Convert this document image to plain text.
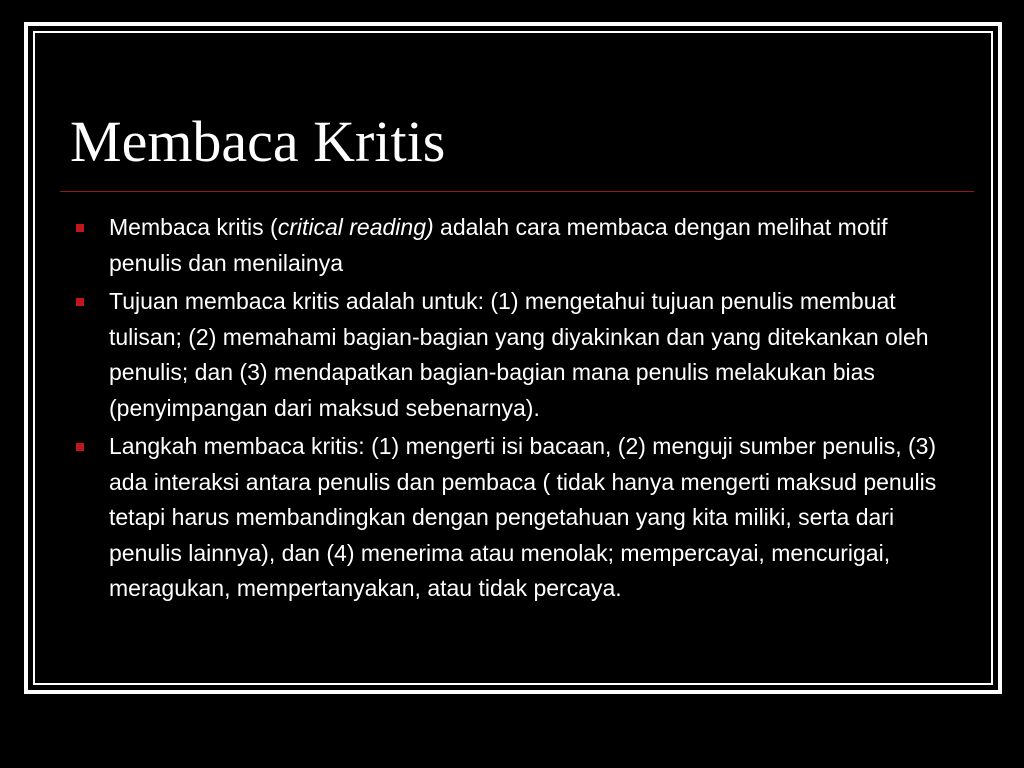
Membaca Kritis
Membaca kritis (critical reading) adalah cara membaca dengan melihat motif penulis dan menilainya
Tujuan membaca kritis adalah untuk: (1) mengetahui tujuan penulis membuat tulisan; (2) memahami bagian-bagian yang diyakinkan dan yang ditekankan oleh penulis; dan (3) mendapatkan bagian-bagian mana penulis melakukan bias (penyimpangan dari maksud sebenarnya).
Langkah membaca kritis: (1) mengerti isi bacaan, (2) menguji sumber penulis, (3) ada interaksi antara penulis dan pembaca ( tidak hanya mengerti maksud penulis tetapi harus membandingkan dengan pengetahuan yang kita miliki, serta dari penulis lainnya), dan (4) menerima atau menolak; mempercayai, mencurigai, meragukan, mempertanyakan, atau tidak percaya.
